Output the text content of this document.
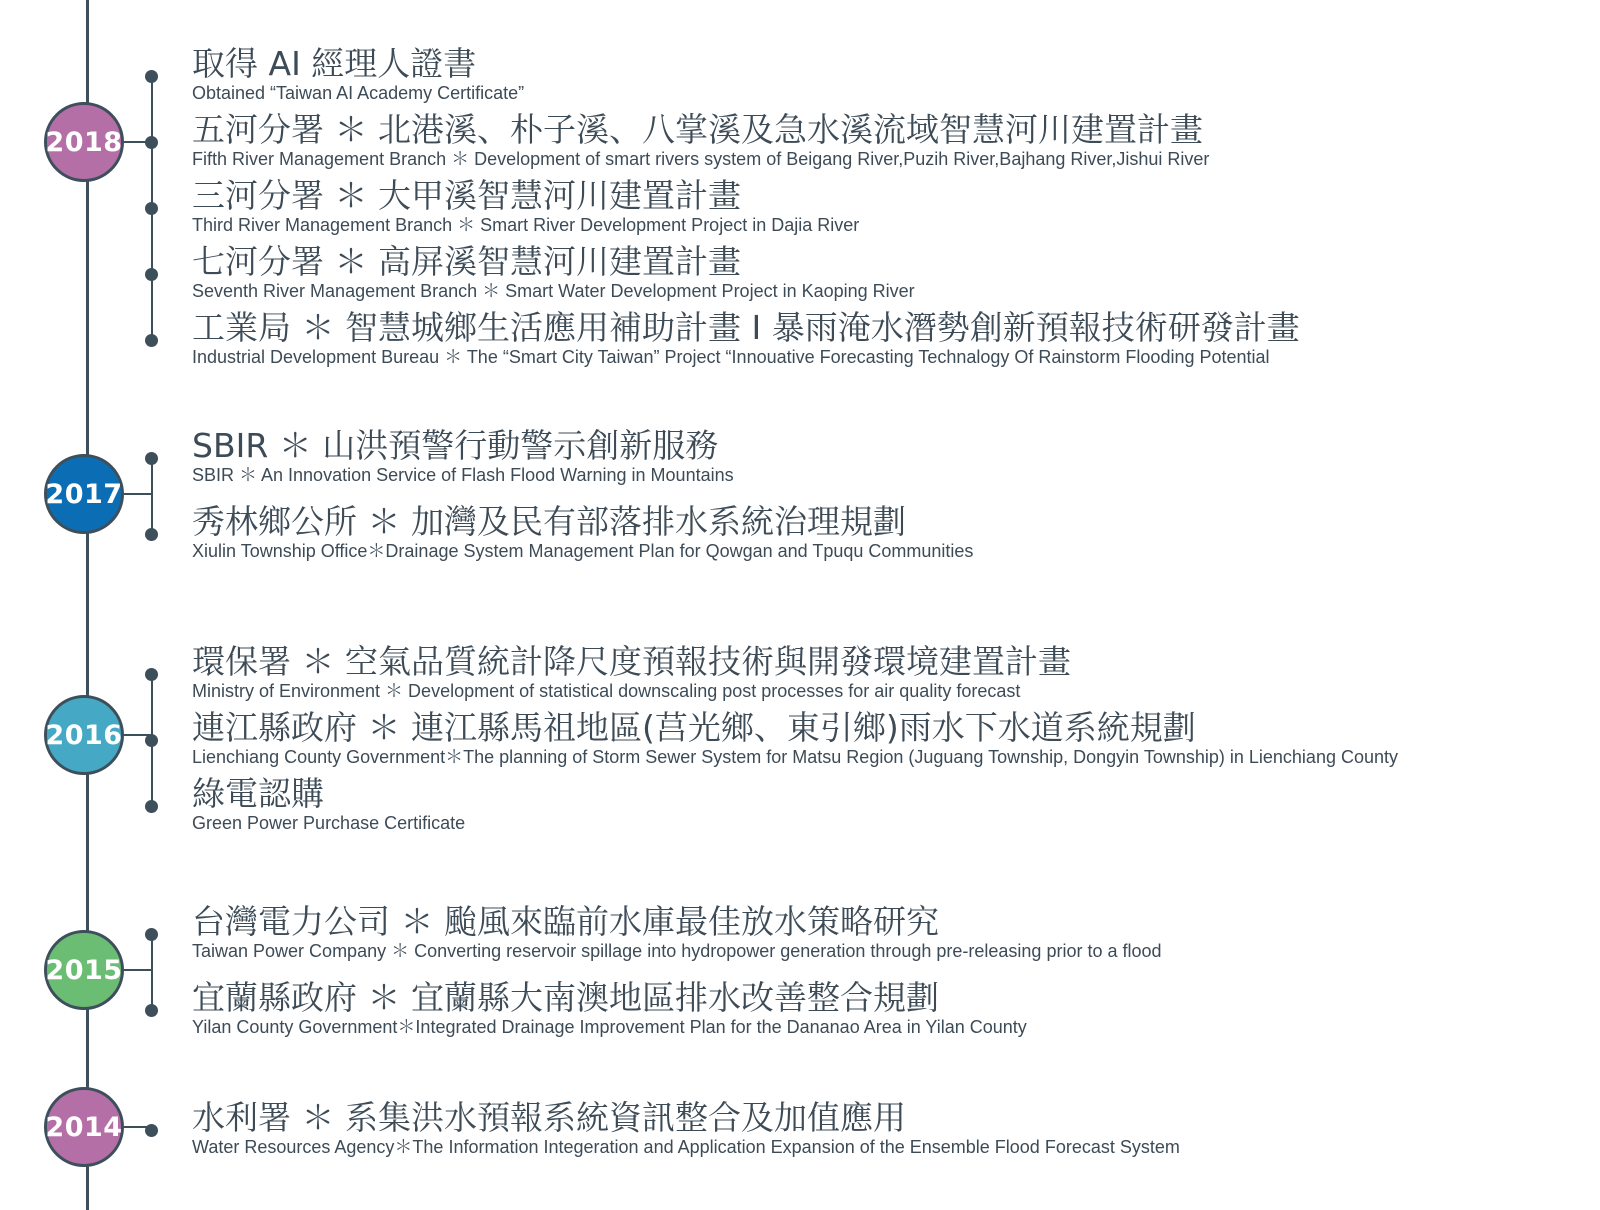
2018
取得 AI 經理人證書
Obtained “Taiwan AI Academy Certificate”
五河分署 ＊ 北港溪、朴子溪、八掌溪及急水溪流域智慧河川建置計畫
Fifth River Management Branch ＊ Development of smart rivers system of Beigang River,Puzih River,Bajhang River,Jishui River
三河分署 ＊ 大甲溪智慧河川建置計畫
Third River Management Branch ＊ Smart River Development Project in Dajia River
七河分署 ＊ 高屏溪智慧河川建置計畫
Seventh River Management Branch ＊ Smart Water Development Project in Kaoping River
工業局 ＊ 智慧城鄉生活應用補助計畫 I 暴雨淹水潛勢創新預報技術研發計畫
Industrial Development Bureau ＊ The “Smart City Taiwan” Project “Innouative Forecasting Technalogy Of Rainstorm Flooding Potential
2017
SBIR ＊ 山洪預警行動警示創新服務
SBIR ＊ An Innovation Service of Flash Flood Warning in Mountains
秀林鄉公所 ＊ 加灣及民有部落排水系統治理規劃
Xiulin Township Office＊Drainage System Management Plan for Qowgan and Tpuqu Communities
2016
環保署 ＊ 空氣品質統計降尺度預報技術與開發環境建置計畫
Ministry of Environment ＊ Development of statistical downscaling post processes for air quality forecast
連江縣政府 ＊ 連江縣馬祖地區(莒光鄉、東引鄉)雨水下水道系統規劃
Lienchiang County Government＊The planning of Storm Sewer System for Matsu Region (Juguang Township, Dongyin Township) in Lienchiang County
綠電認購
Green Power Purchase Certificate
2015
台灣電力公司 ＊ 颱風來臨前水庫最佳放水策略研究
Taiwan Power Company ＊ Converting reservoir spillage into hydropower generation through pre-releasing prior to a flood
宜蘭縣政府 ＊ 宜蘭縣大南澳地區排水改善整合規劃
Yilan County Government＊Integrated Drainage Improvement Plan for the Dananao Area in Yilan County
2014 水利署 ＊ 系集洪水預報系統資訊整合及加值應用
Water Resources Agency＊The Information Integeration and Application Expansion of the Ensemble Flood Forecast System
